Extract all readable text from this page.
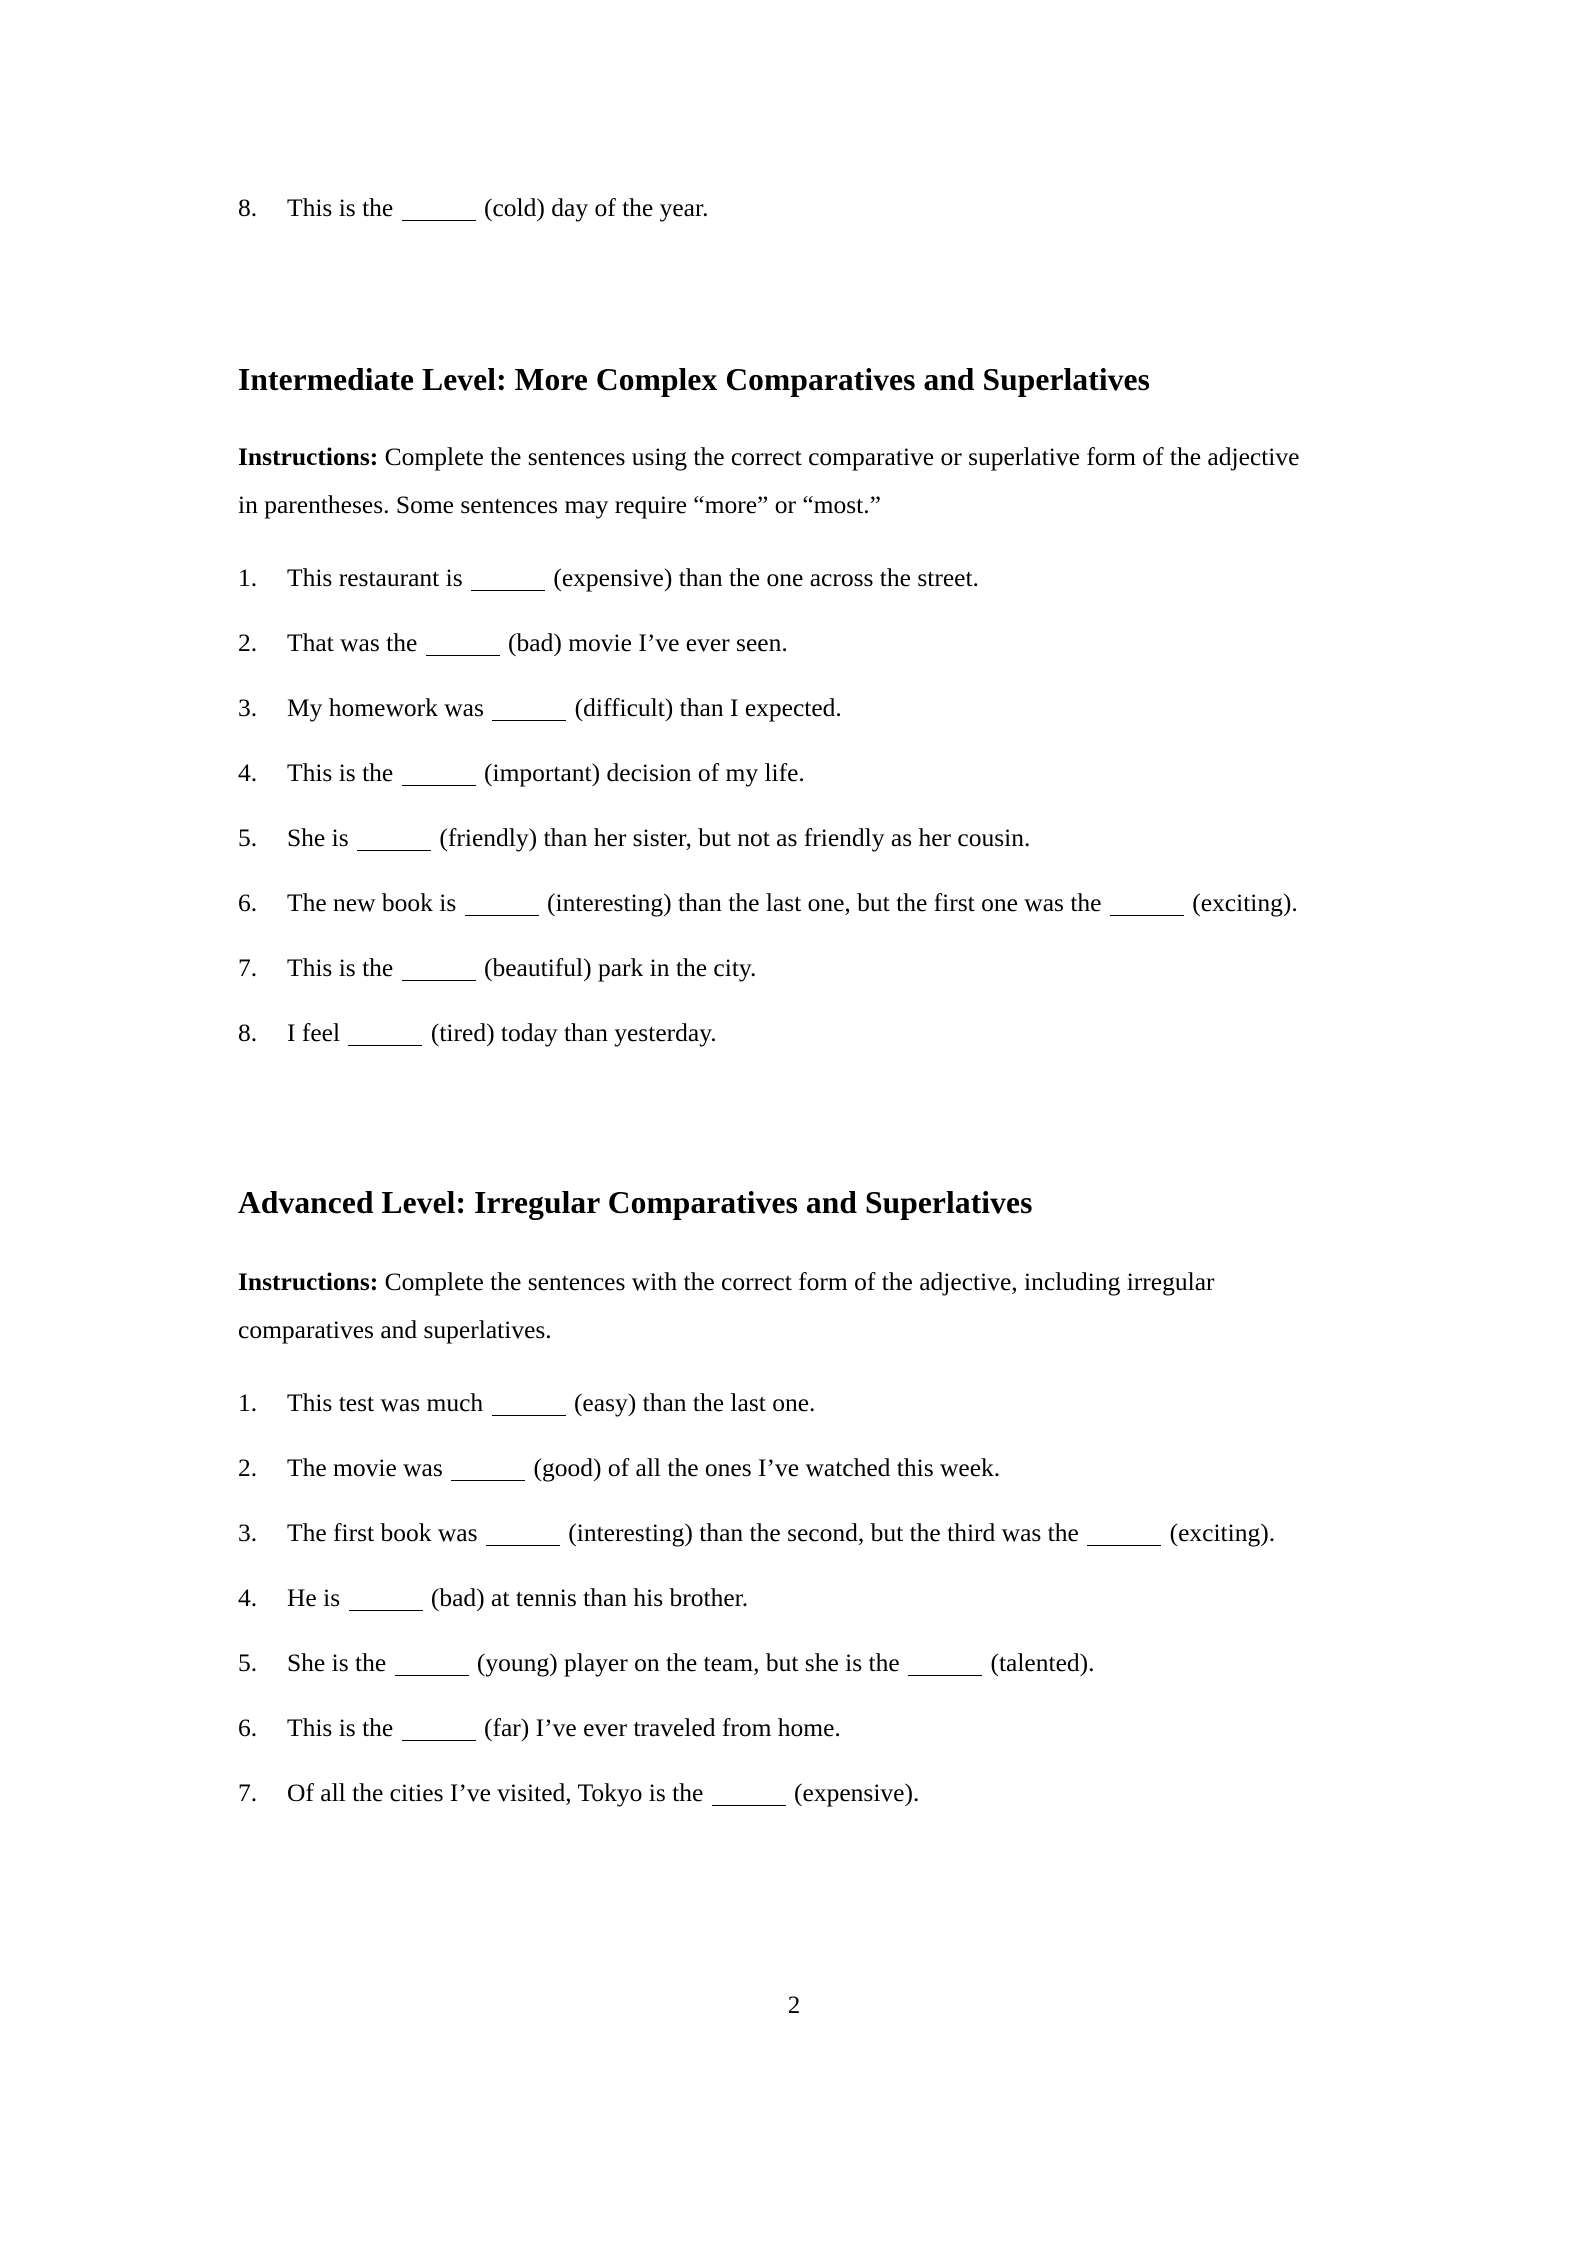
8.	This is the	(cold) day of the year.
Intermediate Level: More Complex Comparatives and Superlatives

Instructions: Complete the sentences using the correct comparative or superlative form of the adjective in parentheses. Some sentences may require “more” or “most.”

1.	This restaurant is	(expensive) than the one across the street.
2.	That was the	(bad) movie I’ve ever seen.
3.	My homework was	(difficult) than I expected.
4.	This is the	(important) decision of my life.
5.	She is	(friendly) than her sister, but not as friendly as her cousin.
6.	The new book is	(interesting) than the last one, but the first one was the	(exciting).
7.	This is the	(beautiful) park in the city.
8.	I feel	(tired) today than yesterday.
Advanced Level: Irregular Comparatives and Superlatives

Instructions: Complete the sentences with the correct form of the adjective, including irregular comparatives and superlatives.

1.	This test was much	(easy) than the last one.
2.	The movie was	(good) of all the ones I’ve watched this week.
3.	The first book was	(interesting) than the second, but the third was the	(exciting).
4.	He is	(bad) at tennis than his brother.
5.	She is the	(young) player on the team, but she is the	(talented).
6.	This is the	(far) I’ve ever traveled from home.
7.	Of all the cities I’ve visited, Tokyo is the	(expensive).
2
